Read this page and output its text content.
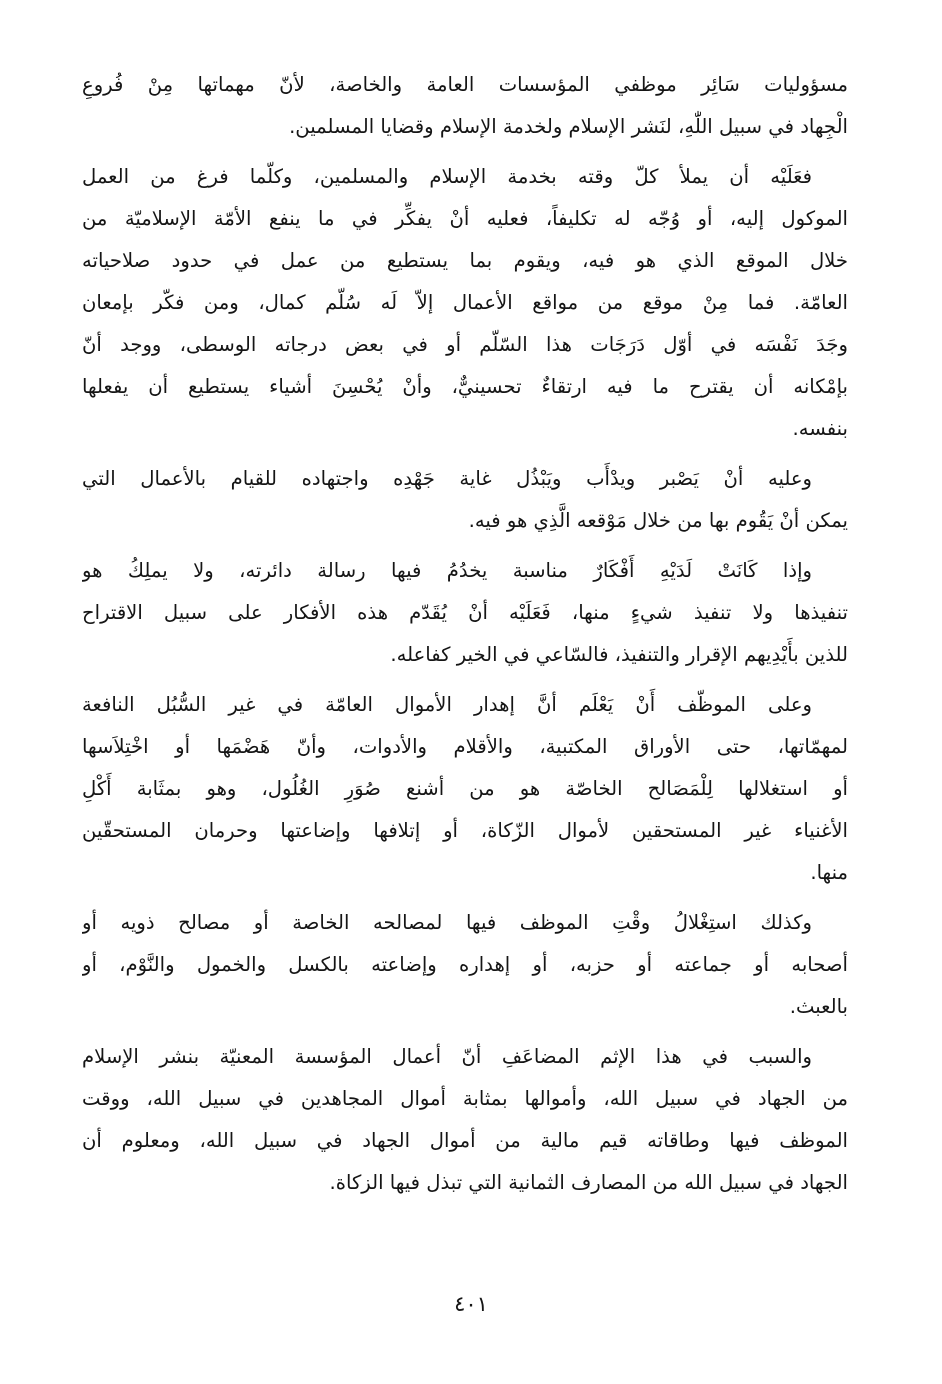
مسؤوليات سَائِر موظفي المؤسسات العامة والخاصة، لأنّ مهماتها مِنْ فُروعِ
الْجِهاد في سبيل اللّٰهِ، لنَشر الإسلام ولخدمة الإسلام وقضايا المسلمين.
فعَلَيْه أن يملأ كلّ وقته بخدمة الإسلام والمسلمين، وكلّما فرغ من العمل
الموكول إليه، أو وُجّه له تكليفاً، فعليه أنْ يفكِّر في ما ينفع الأمّة الإسلاميّة من
خلال الموقع الذي هو فيه، ويقوم بما يستطيع من عمل في حدود صلاحياته
العامّة. فما مِنْ موقع من مواقع الأعمال إلاّ لَه سُلّم كمال، ومن فكّر بإمعان
وجَدَ نَفْسَه في أوّل دَرَجَات هذا السّلّم أو في بعض درجاته الوسطى، ووجد أنّ
بإمْكانه أن يقترح ما فيه ارتقاءٌ تحسينيٌّ، وأنْ يُحْسِنَ أشياء يستطيع أن يفعلها
بنفسه.
وعليه أنْ يَصْبر ويدْأَب ويَبْذُل غاية جَهْدِه واجتهاده للقيام بالأعمال التي
يمكن أنْ يَقُوم بها من خلال مَوْقعه الَّذِي هو فيه.
وإذا كَانَتْ لَدَيْهِ أَفْكَارٌ مناسبة يخدُمُ فيها رسالة دائرته، ولا يملِكُ هو
تنفيذها ولا تنفيذ شيءٍ منها، فَعَلَيْه أنْ يُقَدّم هذه الأفكار على سبيل الاقتراح
للذين بأَيْدِيهم الإقرار والتنفيذ، فالسّاعي في الخير كفاعله.
وعلى الموظّف أَنْ يَعْلَم أنَّ إهدار الأموال العامّة في غير السُّبُل النافعة
لمهمّاتها، حتى الأوراق المكتبية، والأقلام والأدوات، وأنّ هَضْمَها أو اخْتِلاَسها
أو استغلالها لِلْمَصَالح الخاصّة هو من أشنع صُوَرِ الغُلُول، وهو بمثَابة أَكْلِ
الأغنياء غير المستحقين لأموال الزّكاة، أو إتلافها وإضاعتها وحرمان المستحقّين
منها.
وكذلك استِغْلالُ وقْتِ الموظف فيها لمصالحه الخاصة أو مصالح ذويه أو
أصحابه أو جماعته أو حزبه، أو إهداره وإضاعته بالكسل والخمول والنَّوْم، أو
بالعبث.
والسبب في هذا الإثم المضاعَفِ أنّ أعمال المؤسسة المعنيّة بنشر الإسلام
من الجهاد في سبيل الله، وأموالها بمثابة أموال المجاهدين في سبيل الله، ووقت
الموظف فيها وطاقاته قيم مالية من أموال الجهاد في سبيل الله، ومعلوم أن
الجهاد في سبيل الله من المصارف الثمانية التي تبذل فيها الزكاة.
٤٠١
